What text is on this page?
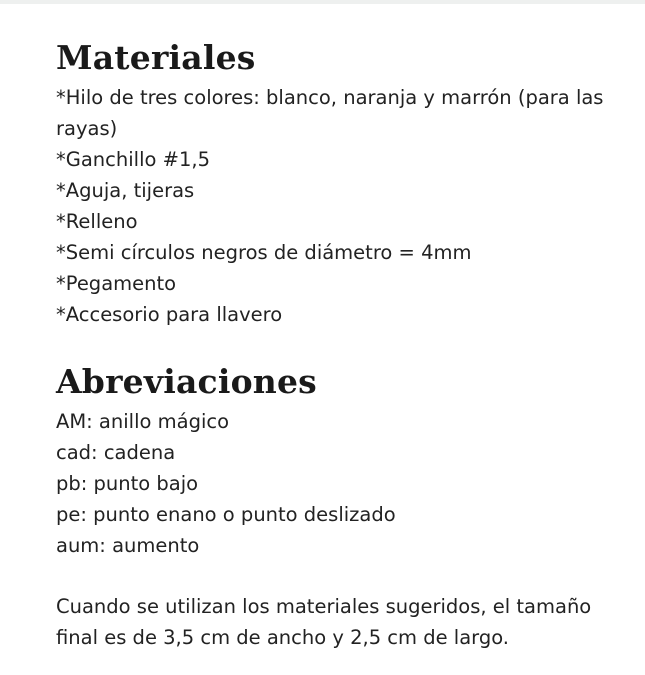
Materiales
*Hilo de tres colores: blanco, naranja y marrón (para las rayas)
*Ganchillo #1,5
*Aguja, tijeras
*Relleno
*Semi círculos negros de diámetro = 4mm
*Pegamento
*Accesorio para llavero
Abreviaciones
AM: anillo mágico
cad: cadena
pb: punto bajo
pe: punto enano o punto deslizado
aum: aumento

Cuando se utilizan los materiales sugeridos, el tamaño final es de 3,5 cm de ancho y 2,5 cm de largo.
